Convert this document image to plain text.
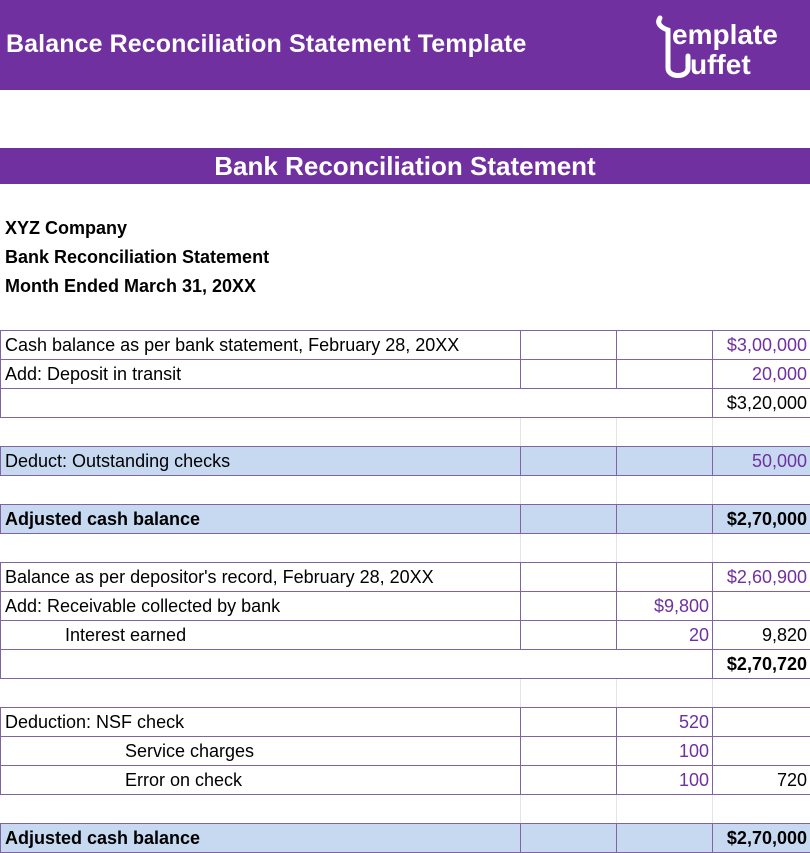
Balance Reconciliation Statement Template	emplate
uffet
Bank Reconciliation Statement
XYZ Company
Bank Reconciliation Statement
Month Ended March 31, 20XX
Cash balance as per bank statement, February 28, 20XX			$3,00,000
Add: Deposit in transit			20,000
			$3,20,000

Deduct: Outstanding checks			50,000

Adjusted cash balance			$2,70,000

Balance as per depositor's record, February 28, 20XX			$2,60,900
Add: Receivable collected by bank		$9,800	
Interest earned		20	9,820
			$2,70,720

Deduction: NSF check		520	
Service charges		100	
Error on check		100	720

Adjusted cash balance			$2,70,000
